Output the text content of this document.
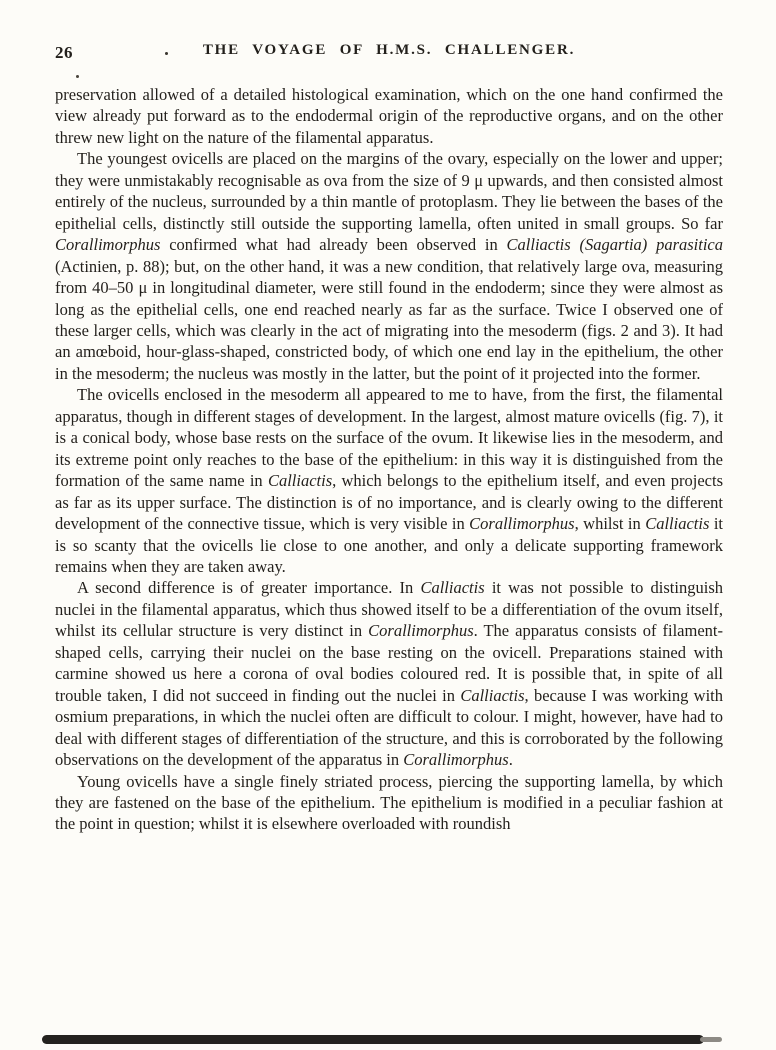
26	THE VOYAGE OF H.M.S. CHALLENGER.

preservation allowed of a detailed histological examination, which on the one hand confirmed the view already put forward as to the endodermal origin of the reproductive organs, and on the other threw new light on the nature of the filamental apparatus.

The youngest ovicells are placed on the margins of the ovary, especially on the lower and upper; they were unmistakably recognisable as ova from the size of 9 μ upwards, and then consisted almost entirely of the nucleus, surrounded by a thin mantle of protoplasm. They lie between the bases of the epithelial cells, distinctly still outside the supporting lamella, often united in small groups. So far Corallimorphus confirmed what had already been observed in Calliactis (Sagartia) parasitica (Actinien, p. 88); but, on the other hand, it was a new condition, that relatively large ova, measuring from 40–50 μ in longitudinal diameter, were still found in the endoderm; since they were almost as long as the epithelial cells, one end reached nearly as far as the surface. Twice I observed one of these larger cells, which was clearly in the act of migrating into the mesoderm (figs. 2 and 3). It had an amœboid, hour-glass-shaped, constricted body, of which one end lay in the epithelium, the other in the mesoderm; the nucleus was mostly in the latter, but the point of it projected into the former.

The ovicells enclosed in the mesoderm all appeared to me to have, from the first, the filamental apparatus, though in different stages of development. In the largest, almost mature ovicells (fig. 7), it is a conical body, whose base rests on the surface of the ovum. It likewise lies in the mesoderm, and its extreme point only reaches to the base of the epithelium: in this way it is distinguished from the formation of the same name in Calliactis, which belongs to the epithelium itself, and even projects as far as its upper surface. The distinction is of no importance, and is clearly owing to the different development of the connective tissue, which is very visible in Corallimorphus, whilst in Calliactis it is so scanty that the ovicells lie close to one another, and only a delicate supporting framework remains when they are taken away.

A second difference is of greater importance. In Calliactis it was not possible to distinguish nuclei in the filamental apparatus, which thus showed itself to be a differentiation of the ovum itself, whilst its cellular structure is very distinct in Corallimorphus. The apparatus consists of filament-shaped cells, carrying their nuclei on the base resting on the ovicell. Preparations stained with carmine showed us here a corona of oval bodies coloured red. It is possible that, in spite of all trouble taken, I did not succeed in finding out the nuclei in Calliactis, because I was working with osmium preparations, in which the nuclei often are difficult to colour. I might, however, have had to deal with different stages of differentiation of the structure, and this is corroborated by the following observations on the development of the apparatus in Corallimorphus.

Young ovicells have a single finely striated process, piercing the supporting lamella, by which they are fastened on the base of the epithelium. The epithelium is modified in a peculiar fashion at the point in question; whilst it is elsewhere overloaded with roundish
